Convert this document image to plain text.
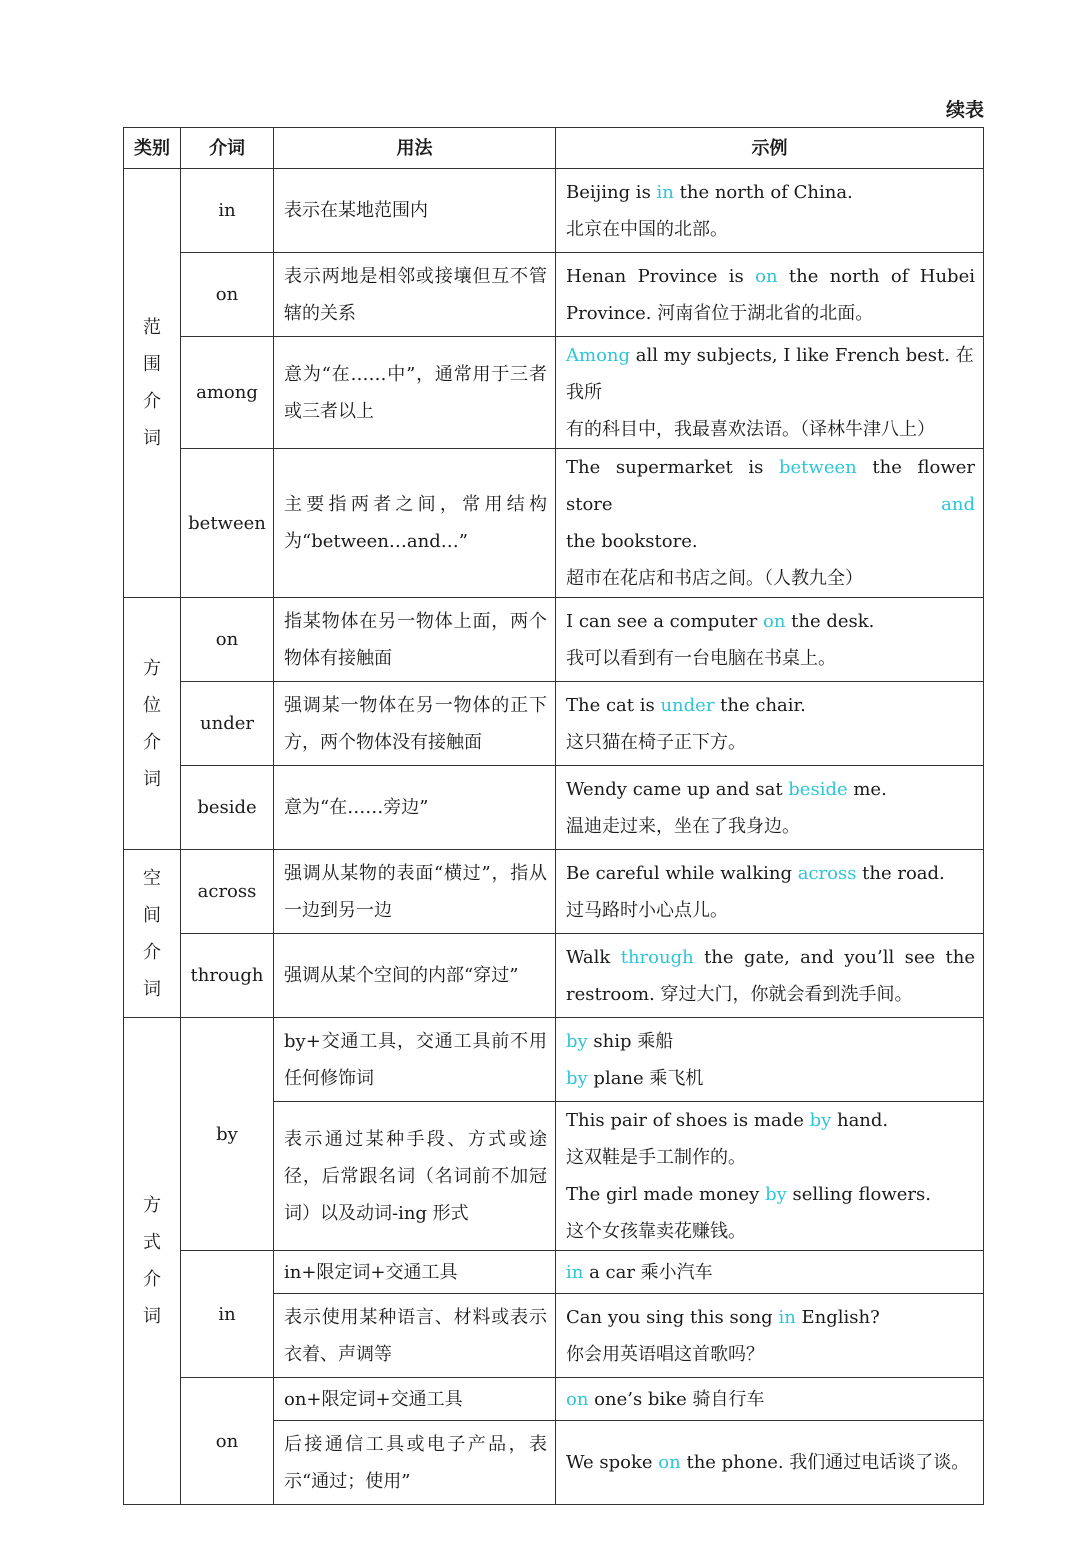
续表
类别	介词	用法	示例

范
围
介
词	in	表示在某地范围内	Beijing is in the north of China.
北京在中国的北部。

	on	表示两地是相邻或接壤但互不管辖的关系	Henan Province is on the north of Hubei
Province. 河南省位于湖北省的北面。

	among	意为“在……中”，通常用于三者或三者以上	Among all my subjects, I like French best. 在我所
有的科目中，我最喜欢法语。（译林牛津八上）

	between	主要指两者之间，常用结构为“between…and…”	The supermarket is between the flower store and
the bookstore.
超市在花店和书店之间。（人教九全）

方
位
介
词	on	指某物体在另一物体上面，两个物体有接触面	I can see a computer on the desk.
我可以看到有一台电脑在书桌上。

	under	强调某一物体在另一物体的正下方，两个物体没有接触面	The cat is under the chair.
这只猫在椅子正下方。

	beside	意为“在……旁边”	Wendy came up and sat beside me.
温迪走过来，坐在了我身边。

空
间
介
词	across	强调从某物的表面“横过”，指从一边到另一边	Be careful while walking across the road.
过马路时小心点儿。

	through	强调从某个空间的内部“穿过”	Walk through the gate, and you’ll see the
restroom. 穿过大门，你就会看到洗手间。

方
式
介
词	by	by+交通工具，交通工具前不用任何修饰词	by ship 乘船
by plane 乘飞机

		表示通过某种手段、方式或途径，后常跟名词（名词前不加冠词）以及动词-ing 形式	This pair of shoes is made by hand.
这双鞋是手工制作的。
The girl made money by selling flowers.
这个女孩靠卖花赚钱。

	in	in+限定词+交通工具	in a car 乘小汽车

		表示使用某种语言、材料或表示衣着、声调等	Can you sing this song in English?
你会用英语唱这首歌吗？

	on	on+限定词+交通工具	on one’s bike 骑自行车

		后接通信工具或电子产品，表示“通过；使用”	We spoke on the phone. 我们通过电话谈了谈。
